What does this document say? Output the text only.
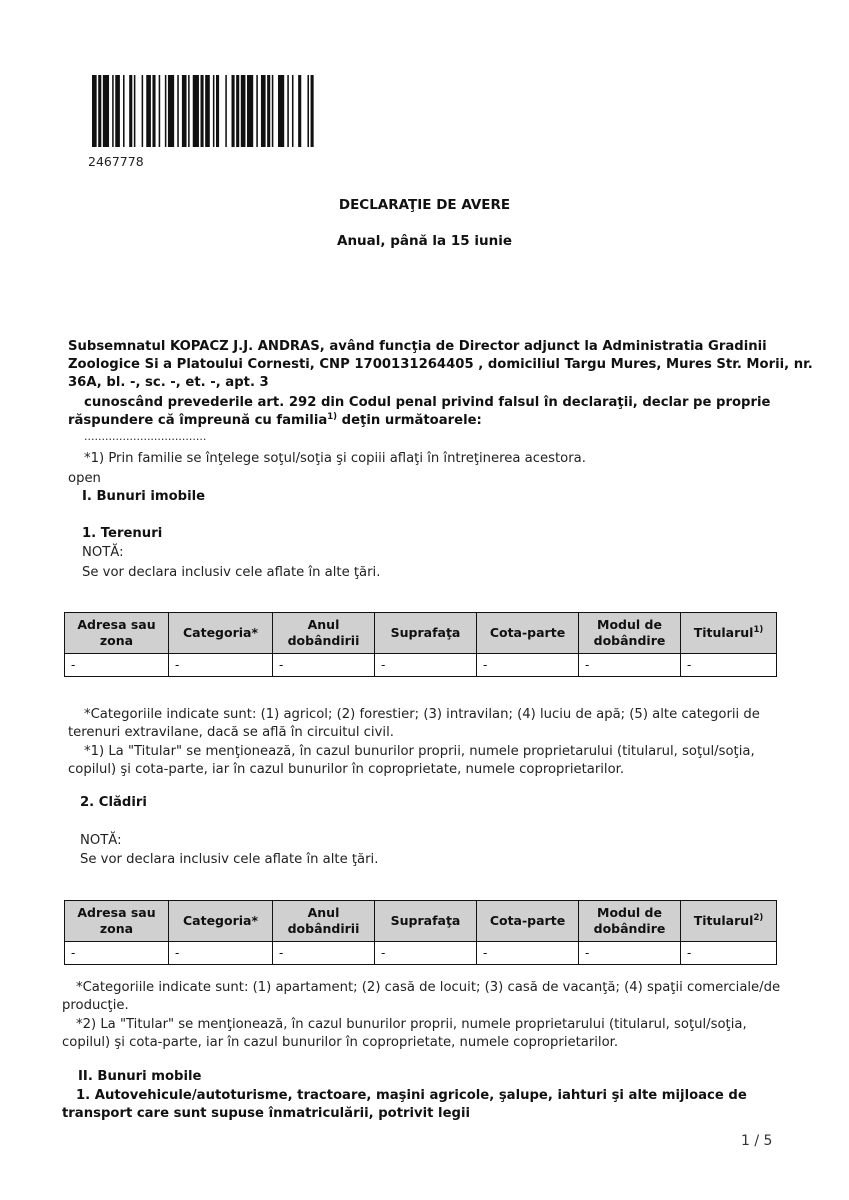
2467778
DECLARAŢIE DE AVERE
Anual, până la 15 iunie
Subsemnatul KOPACZ J.J. ANDRAS, având funcţia de Director adjunct la Administratia Gradinii
Zoologice Si a Platoului Cornesti, CNP 1700131264405 , domiciliul Targu Mures, Mures Str. Morii, nr.
36A, bl. -, sc. -, et. -, apt. 3
cunoscând prevederile art. 292 din Codul penal privind falsul în declaraţii, declar pe proprie
răspundere că împreună cu familia$^{1)}$ deţin următoarele:
...................................
*1) Prin familie se înţelege soţul/soţia şi copiii aflaţi în întreţinerea acestora.
open
I. Bunuri imobile
1. Terenuri
NOTĂ:
Se vor declara inclusiv cele aflate în alte ţări.
Adresa sau zona	Categoria*	Anul dobândirii	Suprafaţa	Cota-parte	Modul de dobândire	Titularul$^{1)}$
-	-	-	-	-	-	-
*Categoriile indicate sunt: (1) agricol; (2) forestier; (3) intravilan; (4) luciu de apă; (5) alte categorii de
terenuri extravilane, dacă se află în circuitul civil.
*1) La "Titular" se menţionează, în cazul bunurilor proprii, numele proprietarului (titularul, soţul/soţia,
copilul) şi cota-parte, iar în cazul bunurilor în coproprietate, numele coproprietarilor.
2. Clădiri
NOTĂ:
Se vor declara inclusiv cele aflate în alte ţări.
Adresa sau zona	Categoria*	Anul dobândirii	Suprafaţa	Cota-parte	Modul de dobândire	Titularul$^{2)}$
-	-	-	-	-	-	-
*Categoriile indicate sunt: (1) apartament; (2) casă de locuit; (3) casă de vacanţă; (4) spaţii comerciale/de
producţie.
*2) La "Titular" se menţionează, în cazul bunurilor proprii, numele proprietarului (titularul, soţul/soţia,
copilul) şi cota-parte, iar în cazul bunurilor în coproprietate, numele coproprietarilor.
II. Bunuri mobile
1. Autovehicule/autoturisme, tractoare, maşini agricole, şalupe, iahturi şi alte mijloace de
transport care sunt supuse înmatriculării, potrivit legii
1 / 5
